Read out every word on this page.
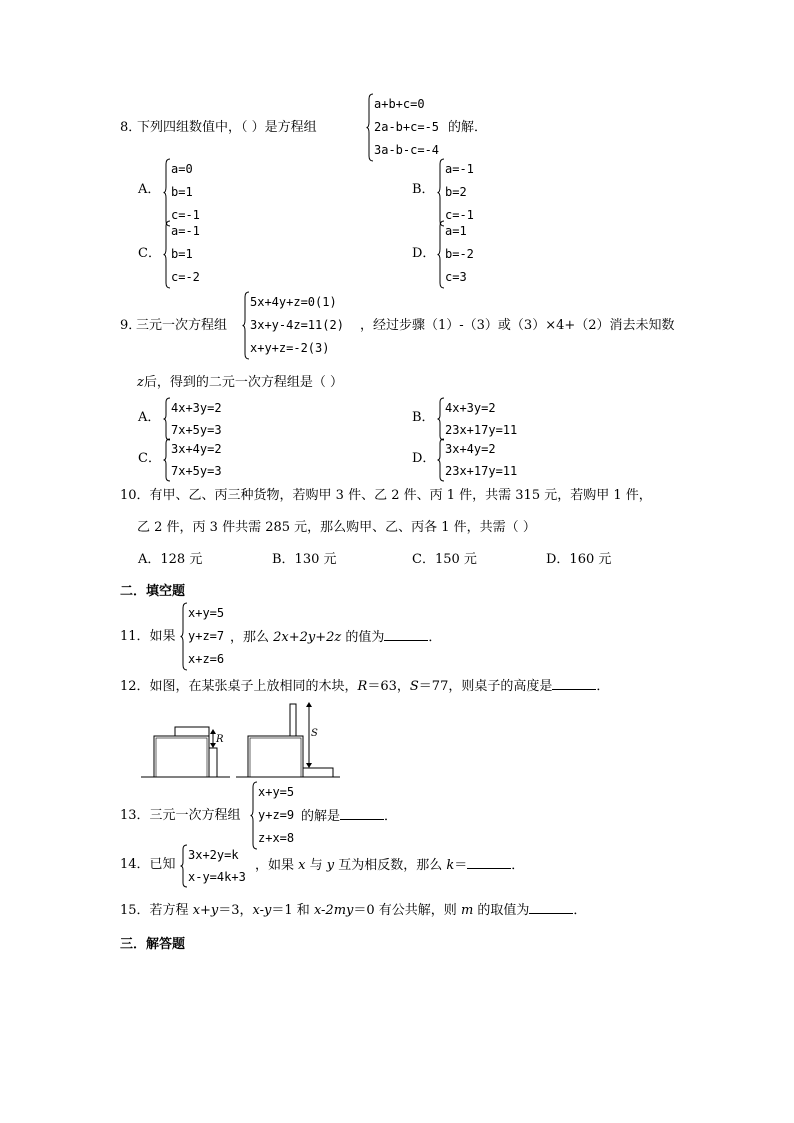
8．
下列四组数值中，（ ）是方程组
a+b+c=0
2a-b+c=-5
3a-b-c=-4
的解．
A．
a=0
b=1
c=-1
B．
a=-1
b=2
c=-1
C．
a=-1
b=1
c=-2
D．
a=1
b=-2
c=3
9．
三元一次方程组
5x+4y+z=0(1)
3x+y-4z=11(2)
x+y+z=-2(3)
，经过步骤（1）-（3）或（3）×4+（2）消去未知数
z后，得到的二元一次方程组是（ ）
A．
4x+3y=2
7x+5y=3
B．
4x+3y=2
23x+17y=11
C．
3x+4y=2
7x+5y=3
D．
3x+4y=2
23x+17y=11
10．有甲、乙、丙三种货物，若购甲 3 件、乙 2 件、丙 1 件，共需 315 元，若购甲 1 件，
乙 2 件，丙 3 件共需 285 元，那么购甲、乙、丙各 1 件，共需（ ）
A．128 元	B．130 元	C．150 元	D．160 元
二．填空题
11．如果
x+y=5
y+z=7
x+z=6
，那么 2x+2y+2z 的值为	．
12．如图，在某张桌子上放相同的木块，R＝63，S＝77，则桌子的高度是	．
R
S
13．三元一次方程组
x+y=5
y+z=9
z+x=8
的解是	．
14．已知
3x+2y=k
x-y=4k+3
，如果 x 与 y 互为相反数，那么 k＝	．
15．若方程 x+y＝3，x-y＝1 和 x-2my＝0 有公共解，则 m 的取值为	．
三．解答题
